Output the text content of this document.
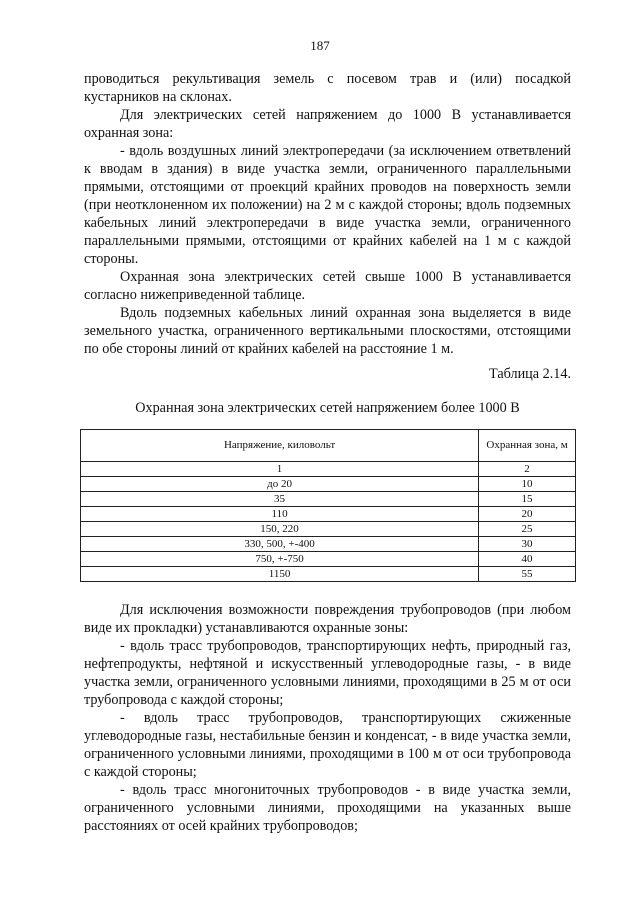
187

проводиться рекультивация земель с посевом трав и (или) посадкой кустарников на склонах.

Для электрических сетей напряжением до 1000 В устанавливается охранная зона:

- вдоль воздушных линий электропередачи (за исключением ответвлений к вводам в здания) в виде участка земли, ограниченного параллельными прямыми, отстоящими от проекций крайних проводов на поверхность земли (при неотклоненном их положении) на 2 м с каждой стороны; вдоль подземных кабельных линий электропередачи в виде участка земли, ограниченного параллельными прямыми, отстоящими от крайних кабелей на 1 м с каждой стороны.

Охранная зона электрических сетей свыше 1000 В устанавливается согласно нижеприведенной таблице.

Вдоль подземных кабельных линий охранная зона выделяется в виде земельного участка, ограниченного вертикальными плоскостями, отстоящими по обе стороны линий от крайних кабелей на расстояние 1 м.

Таблица 2.14.
Охранная зона электрических сетей напряжением более 1000 В
Напряжение, киловольт	Охранная зона, м
1	2
до 20	10
35	15
110	20
150, 220	25
330, 500, +-400	30
750, +-750	40
1150	55

Для исключения возможности повреждения трубопроводов (при любом виде их прокладки) устанавливаются охранные зоны:

- вдоль трасс трубопроводов, транспортирующих нефть, природный газ, нефтепродукты, нефтяной и искусственный углеводородные газы, - в виде участка земли, ограниченного условными линиями, проходящими в 25 м от оси трубопровода с каждой стороны;

- вдоль трасс трубопроводов, транспортирующих сжиженные углеводородные газы, нестабильные бензин и конденсат, - в виде участка земли, ограниченного условными линиями, проходящими в 100 м от оси трубопровода с каждой стороны;

- вдоль трасс многониточных трубопроводов - в виде участка земли, ограниченного условными линиями, проходящими на указанных выше расстояниях от осей крайних трубопроводов;
